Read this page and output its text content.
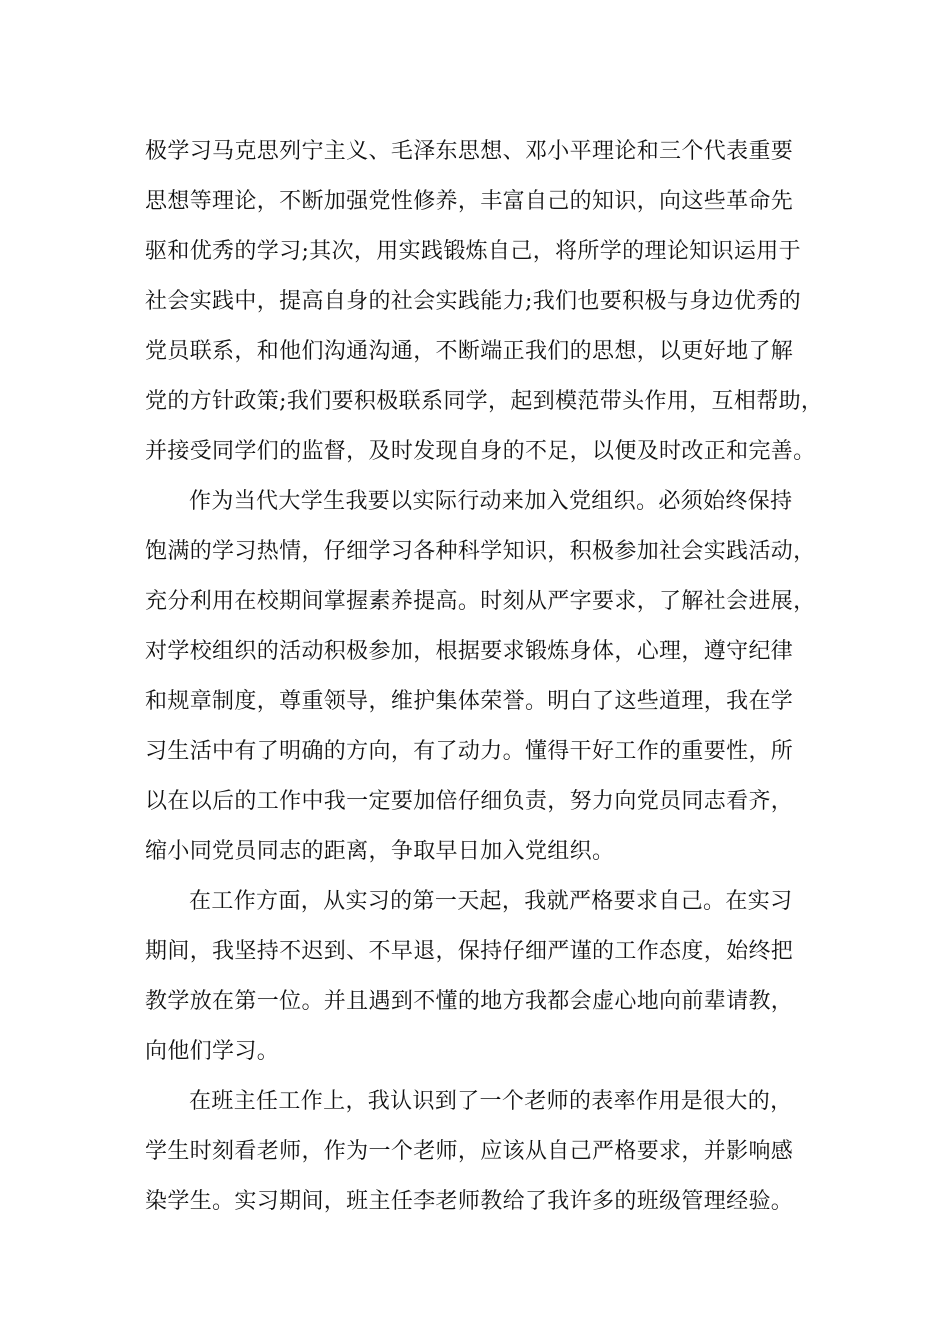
极学习马克思列宁主义、毛泽东思想、邓小平理论和三个代表重要
思想等理论，不断加强党性修养，丰富自己的知识，向这些革命先
驱和优秀的学习;其次，用实践锻炼自己，将所学的理论知识运用于
社会实践中，提高自身的社会实践能力;我们也要积极与身边优秀的
党员联系，和他们沟通沟通，不断端正我们的思想，以更好地了解
党的方针政策;我们要积极联系同学，起到模范带头作用，互相帮助，
并接受同学们的监督，及时发现自身的不足，以便及时改正和完善。
作为当代大学生我要以实际行动来加入党组织。必须始终保持
饱满的学习热情，仔细学习各种科学知识，积极参加社会实践活动，
充分利用在校期间掌握素养提高。时刻从严字要求，了解社会进展，
对学校组织的活动积极参加，根据要求锻炼身体，心理，遵守纪律
和规章制度，尊重领导，维护集体荣誉。明白了这些道理，我在学
习生活中有了明确的方向，有了动力。懂得干好工作的重要性，所
以在以后的工作中我一定要加倍仔细负责，努力向党员同志看齐，
缩小同党员同志的距离，争取早日加入党组织。
在工作方面，从实习的第一天起，我就严格要求自己。在实习
期间，我坚持不迟到、不早退，保持仔细严谨的工作态度，始终把
教学放在第一位。并且遇到不懂的地方我都会虚心地向前辈请教，
向他们学习。
在班主任工作上，我认识到了一个老师的表率作用是很大的，
学生时刻看老师，作为一个老师，应该从自己严格要求，并影响感
染学生。实习期间，班主任李老师教给了我许多的班级管理经验。
